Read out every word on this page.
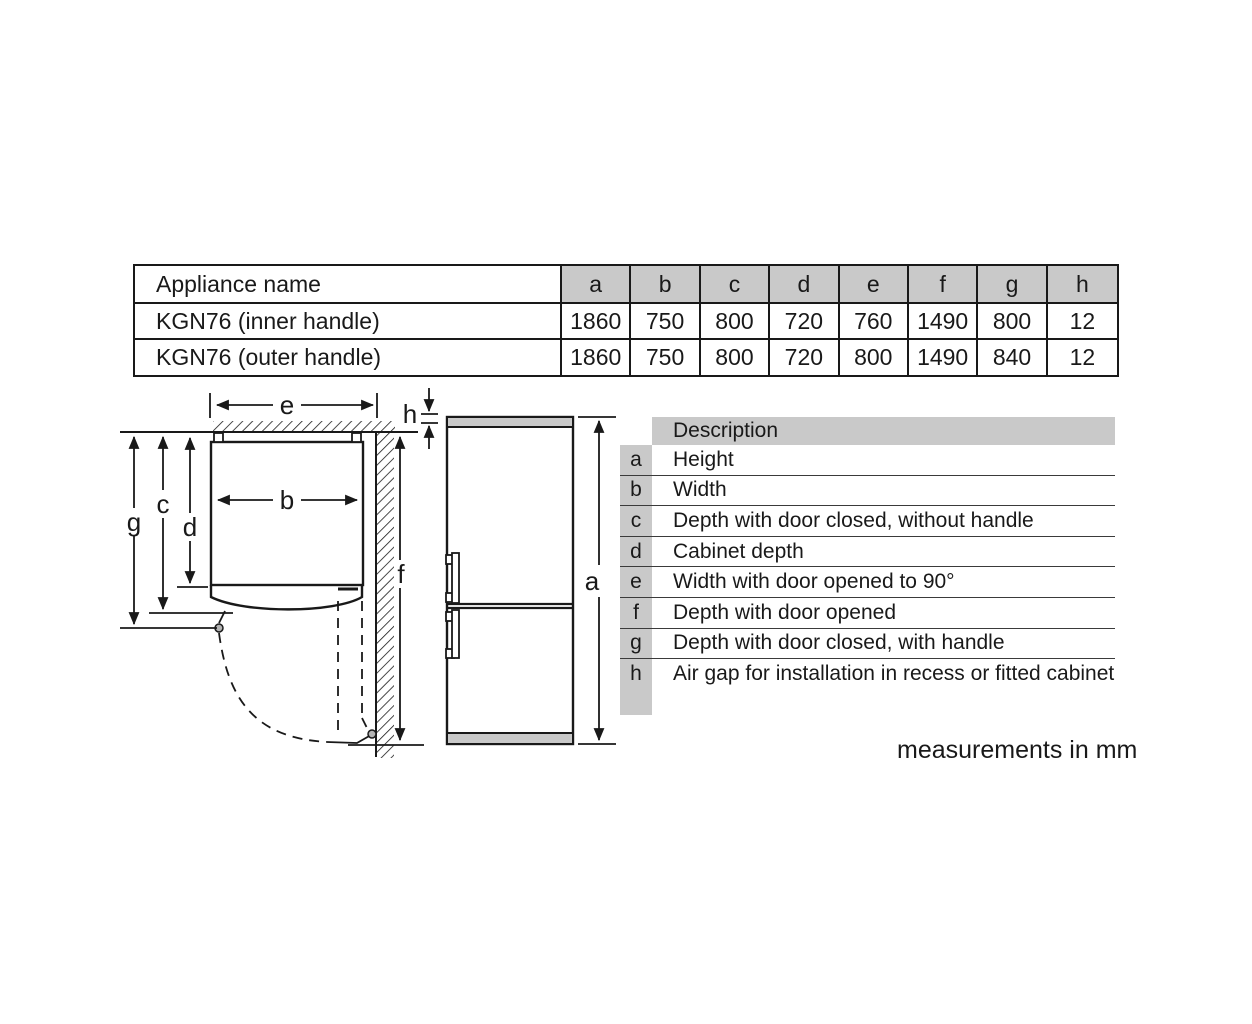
e	h
b
g
c
d
f	a
Appliance name	a	b	c	d	e	f	g	h
KGN76 (inner handle)	1860	750	800	720	760	1490	800	12
KGN76 (outer handle)	1860	750	800	720	800	1490	840	12
Description
a	Height
b	Width
c	Depth with door closed, without handle
d	Cabinet depth
e	Width with door opened to 90°
f	Depth with door opened
g	Depth with door closed, with handle
h	Air gap for installation in recess or fitted cabinet
measurements in mm
